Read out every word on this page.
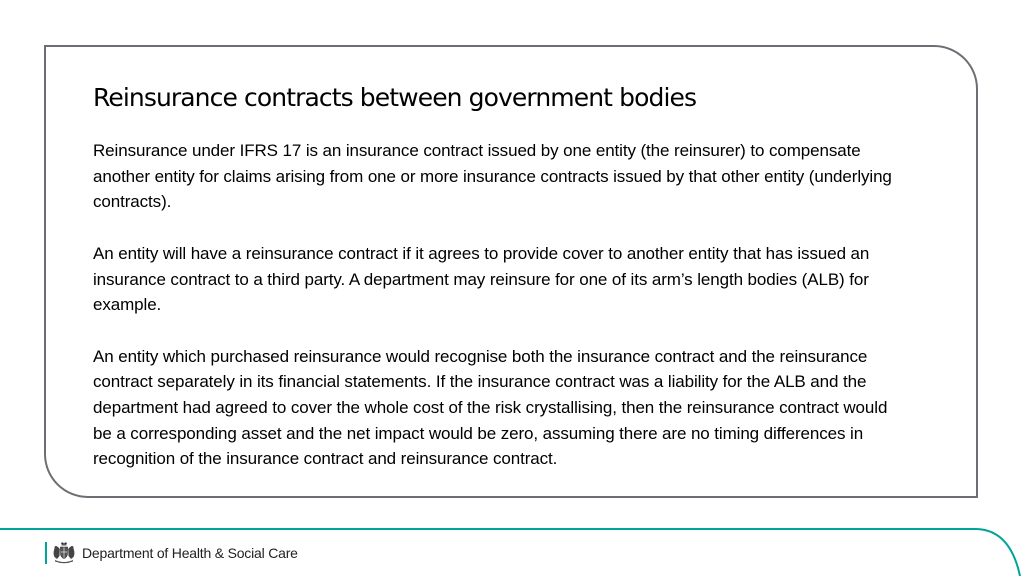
Reinsurance contracts between government bodies

Reinsurance under IFRS 17 is an insurance contract issued by one entity (the reinsurer) to compensate another entity for claims arising from one or more insurance contracts issued by that other entity (underlying contracts).

An entity will have a reinsurance contract if it agrees to provide cover to another entity that has issued an insurance contract to a third party. A department may reinsure for one of its arm’s length bodies (ALB) for example.

An entity which purchased reinsurance would recognise both the insurance contract and the reinsurance contract separately in its financial statements. If the insurance contract was a liability for the ALB and the department had agreed to cover the whole cost of the risk crystallising, then the reinsurance contract would be a corresponding asset and the net impact would be zero, assuming there are no timing differences in recognition of the insurance contract and reinsurance contract.

Department of Health & Social Care
